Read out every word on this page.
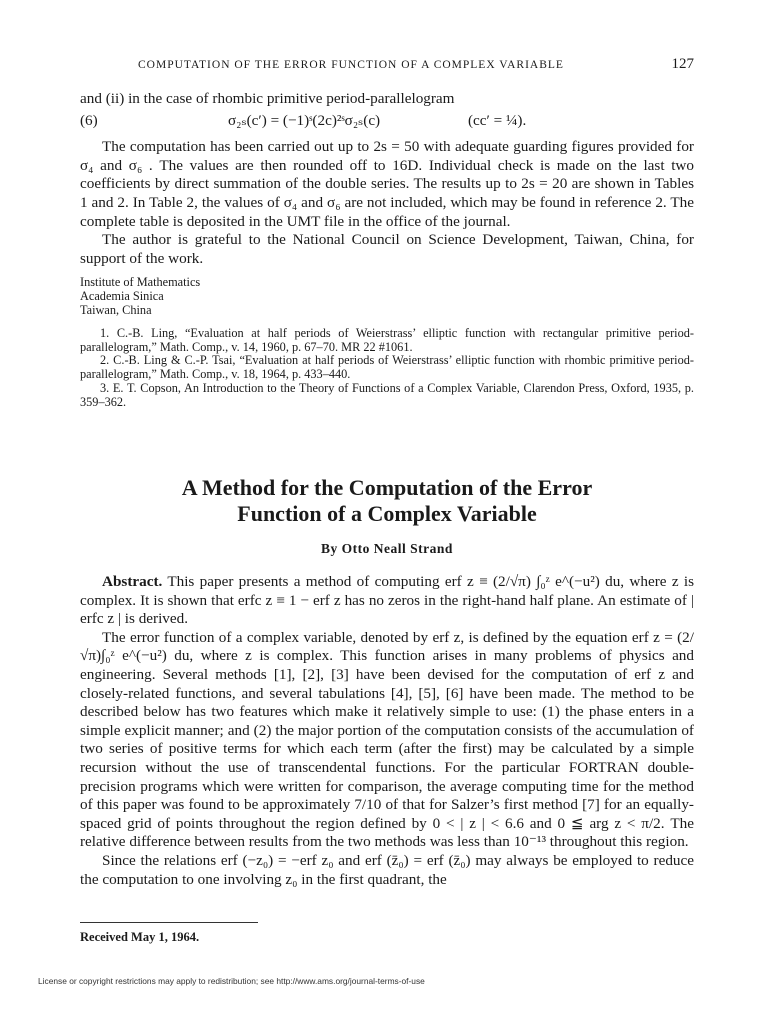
COMPUTATION OF THE ERROR FUNCTION OF A COMPLEX VARIABLE	127

and (ii) in the case of rhombic primitive period-parallelogram

(6)	σ₂ₛ(c′) = (−1)ˢ(2c)²ˢσ₂ₛ(c)	(cc′ = ¼).

The computation has been carried out up to 2s = 50 with adequate guarding figures provided for σ₄ and σ₆ . The values are then rounded off to 16D. Individual check is made on the last two coefficients by direct summation of the double series. The results up to 2s = 20 are shown in Tables 1 and 2. In Table 2, the values of σ₄ and σ₆ are not included, which may be found in reference 2. The complete table is deposited in the UMT file in the office of the journal.

The author is grateful to the National Council on Science Development, Taiwan, China, for support of the work.

Institute of Mathematics
Academia Sinica
Taiwan, China

1. C.-B. Ling, “Evaluation at half periods of Weierstrass’ elliptic function with rectangular primitive period-parallelogram,” Math. Comp., v. 14, 1960, p. 67–70. MR 22 #1061.

2. C.-B. Ling & C.-P. Tsai, “Evaluation at half periods of Weierstrass’ elliptic function with rhombic primitive period-parallelogram,” Math. Comp., v. 18, 1964, p. 433–440.

3. E. T. Copson, An Introduction to the Theory of Functions of a Complex Variable, Clarendon Press, Oxford, 1935, p. 359–362.

A Method for the Computation of the Error
Function of a Complex Variable
By Otto Neall Strand

Abstract. This paper presents a method of computing erf z ≡ (2/√π) ∫₀ᶻ e^(−u²) du, where z is complex. It is shown that erfc z ≡ 1 − erf z has no zeros in the right-hand half plane. An estimate of | erfc z | is derived.

The error function of a complex variable, denoted by erf z, is defined by the equation erf z = (2/√π)∫₀ᶻ e^(−u²) du, where z is complex. This function arises in many problems of physics and engineering. Several methods [1], [2], [3] have been devised for the computation of erf z and closely-related functions, and several tabulations [4], [5], [6] have been made. The method to be described below has two features which make it relatively simple to use: (1) the phase enters in a simple explicit manner; and (2) the major portion of the computation consists of the accumulation of two series of positive terms for which each term (after the first) may be calculated by a simple recursion without the use of transcendental functions. For the particular FORTRAN double-precision programs which were written for comparison, the average computing time for the method of this paper was found to be approximately 7/10 of that for Salzer’s first method [7] for an equally-spaced grid of points throughout the region defined by 0 < | z | < 6.6 and 0 ≦ arg z < π/2. The relative difference between results from the two methods was less than 10⁻¹³ throughout this region.

Since the relations erf (−z₀) = −erf z₀ and erf (z̄₀) = erf (z̄₀) may always be employed to reduce the computation to one involving z₀ in the first quadrant, the

Received May 1, 1964.
License or copyright restrictions may apply to redistribution; see http://www.ams.org/journal-terms-of-use
